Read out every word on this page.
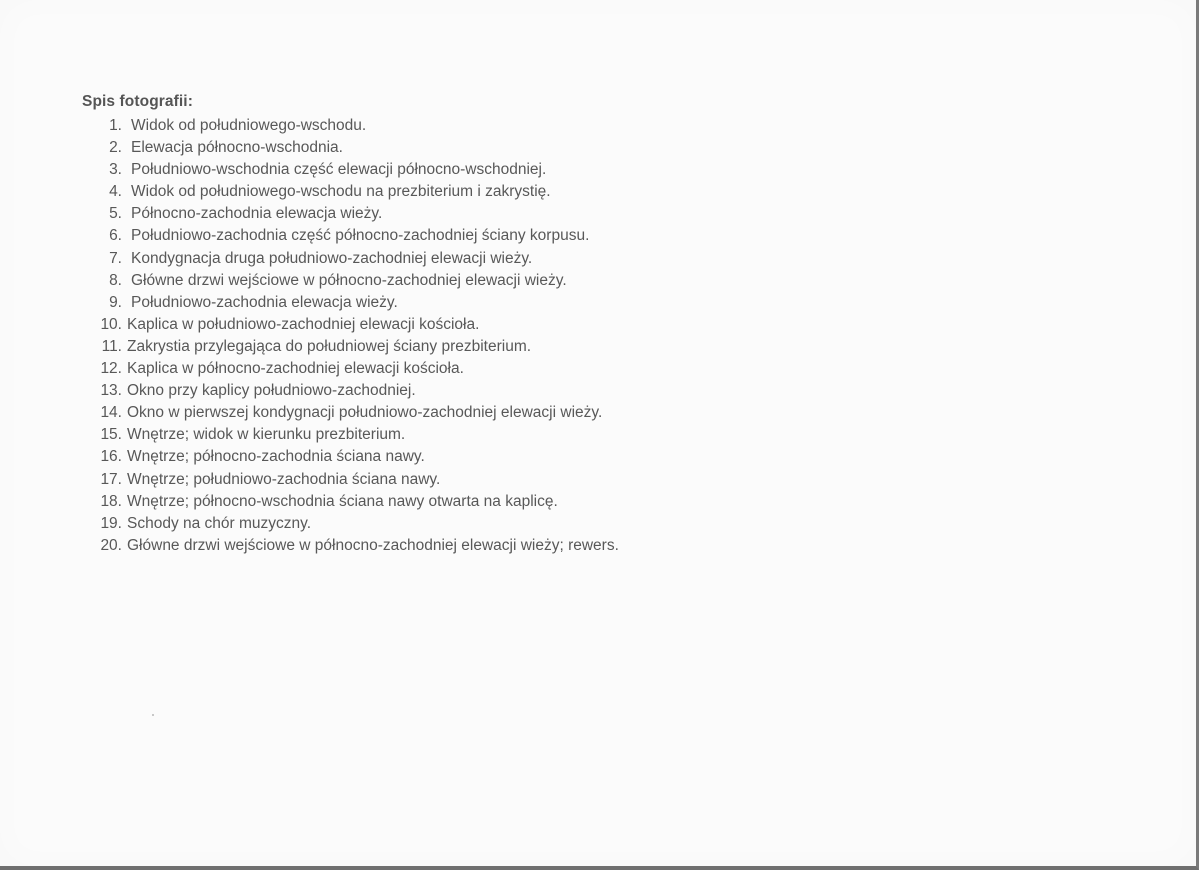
Spis fotografii:
1. Widok od południowego-wschodu.
2. Elewacja północno-wschodnia.
3. Południowo-wschodnia część elewacji północno-wschodniej.
4. Widok od południowego-wschodu na prezbiterium i zakrystię.
5. Północno-zachodnia elewacja wieży.
6. Południowo-zachodnia część północno-zachodniej ściany korpusu.
7. Kondygnacja druga południowo-zachodniej elewacji wieży.
8. Główne drzwi wejściowe w północno-zachodniej elewacji wieży.
9. Południowo-zachodnia elewacja wieży.
10. Kaplica w południowo-zachodniej elewacji kościoła.
11. Zakrystia przylegająca do południowej ściany prezbiterium.
12. Kaplica w północno-zachodniej elewacji kościoła.
13. Okno przy kaplicy południowo-zachodniej.
14. Okno w pierwszej kondygnacji południowo-zachodniej elewacji wieży.
15. Wnętrze; widok w kierunku prezbiterium.
16. Wnętrze; północno-zachodnia ściana nawy.
17. Wnętrze; południowo-zachodnia ściana nawy.
18. Wnętrze; północno-wschodnia ściana nawy otwarta na kaplicę.
19. Schody na chór muzyczny.
20. Główne drzwi wejściowe w północno-zachodniej elewacji wieży; rewers.
